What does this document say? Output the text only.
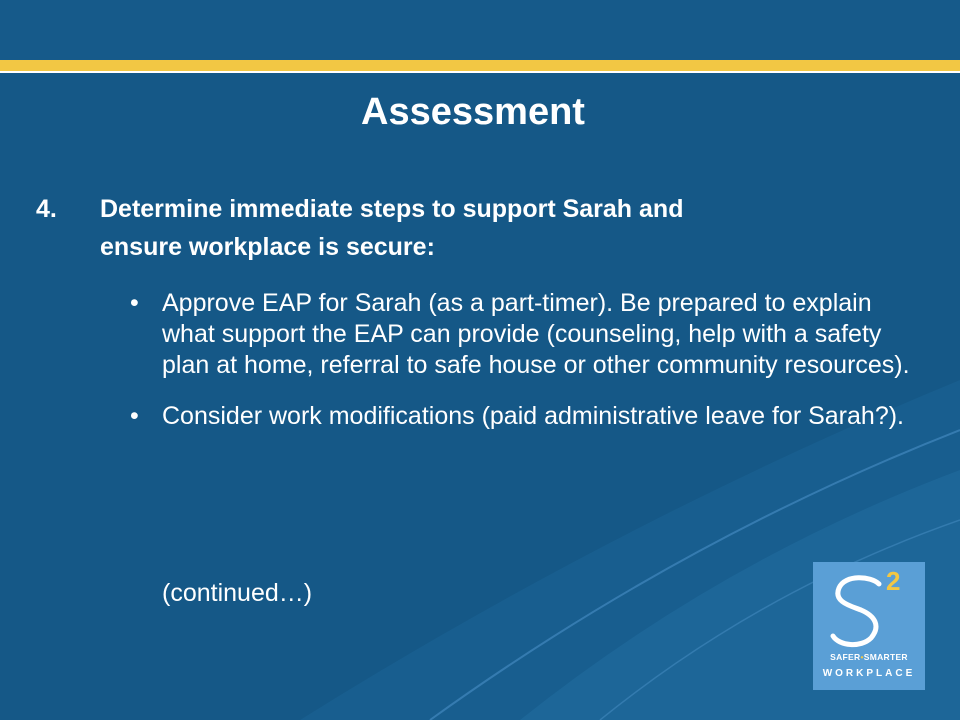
Assessment
4. Determine immediate steps to support Sarah and
ensure workplace is secure:
• Approve EAP for Sarah (as a part-timer). Be prepared to explain what support the EAP can provide (counseling, help with a safety plan at home, referral to safe house or other community resources).
• Consider work modifications (paid administrative leave for Sarah?).
(continued…)	2
SAFER•SMARTER
WORKPLACE
